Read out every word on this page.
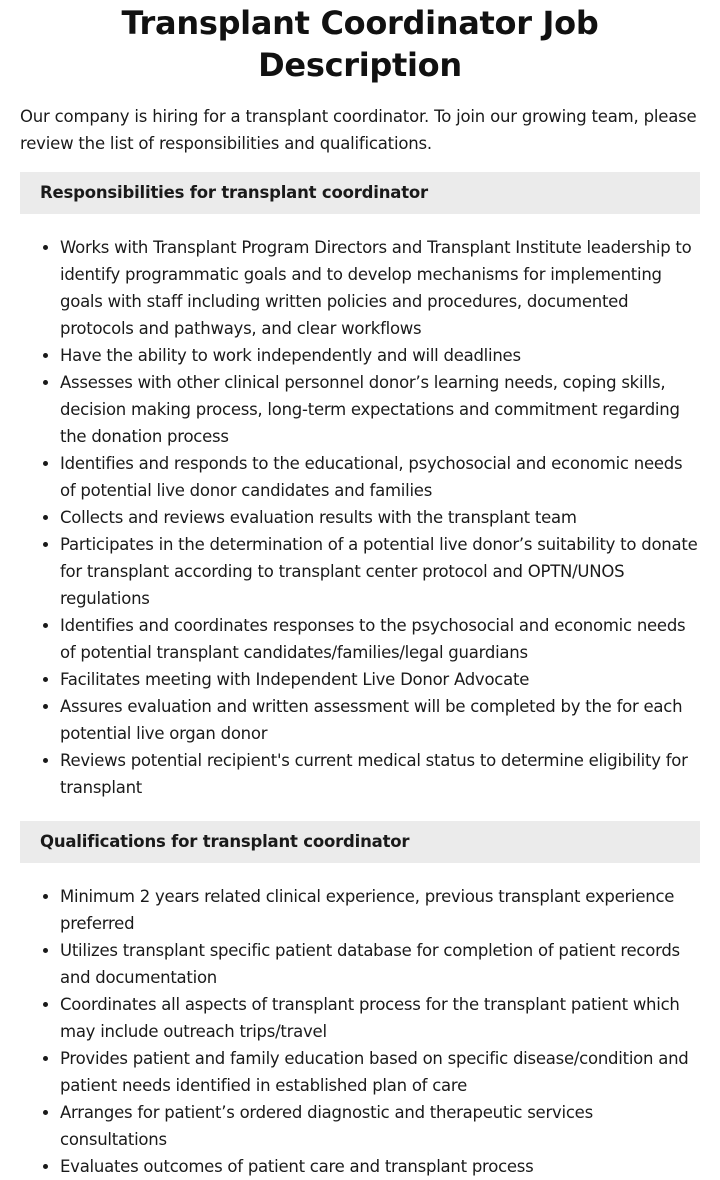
Transplant Coordinator Job Description

Our company is hiring for a transplant coordinator. To join our growing team, please review the list of responsibilities and qualifications.

Responsibilities for transplant coordinator
• Works with Transplant Program Directors and Transplant Institute leadership to identify programmatic goals and to develop mechanisms for implementing goals with staff including written policies and procedures, documented protocols and pathways, and clear workflows
• Have the ability to work independently and will deadlines
• Assesses with other clinical personnel donor’s learning needs, coping skills, decision making process, long-term expectations and commitment regarding the donation process
• Identifies and responds to the educational, psychosocial and economic needs of potential live donor candidates and families
• Collects and reviews evaluation results with the transplant team
• Participates in the determination of a potential live donor’s suitability to donate for transplant according to transplant center protocol and OPTN/UNOS regulations
• Identifies and coordinates responses to the psychosocial and economic needs of potential transplant candidates/families/legal guardians
• Facilitates meeting with Independent Live Donor Advocate
• Assures evaluation and written assessment will be completed by the for each potential live organ donor
• Reviews potential recipient's current medical status to determine eligibility for transplant
Qualifications for transplant coordinator
• Minimum 2 years related clinical experience, previous transplant experience preferred
• Utilizes transplant specific patient database for completion of patient records and documentation
• Coordinates all aspects of transplant process for the transplant patient which may include outreach trips/travel
• Provides patient and family education based on specific disease/condition and patient needs identified in established plan of care
• Arranges for patient’s ordered diagnostic and therapeutic services consultations
• Evaluates outcomes of patient care and transplant process
